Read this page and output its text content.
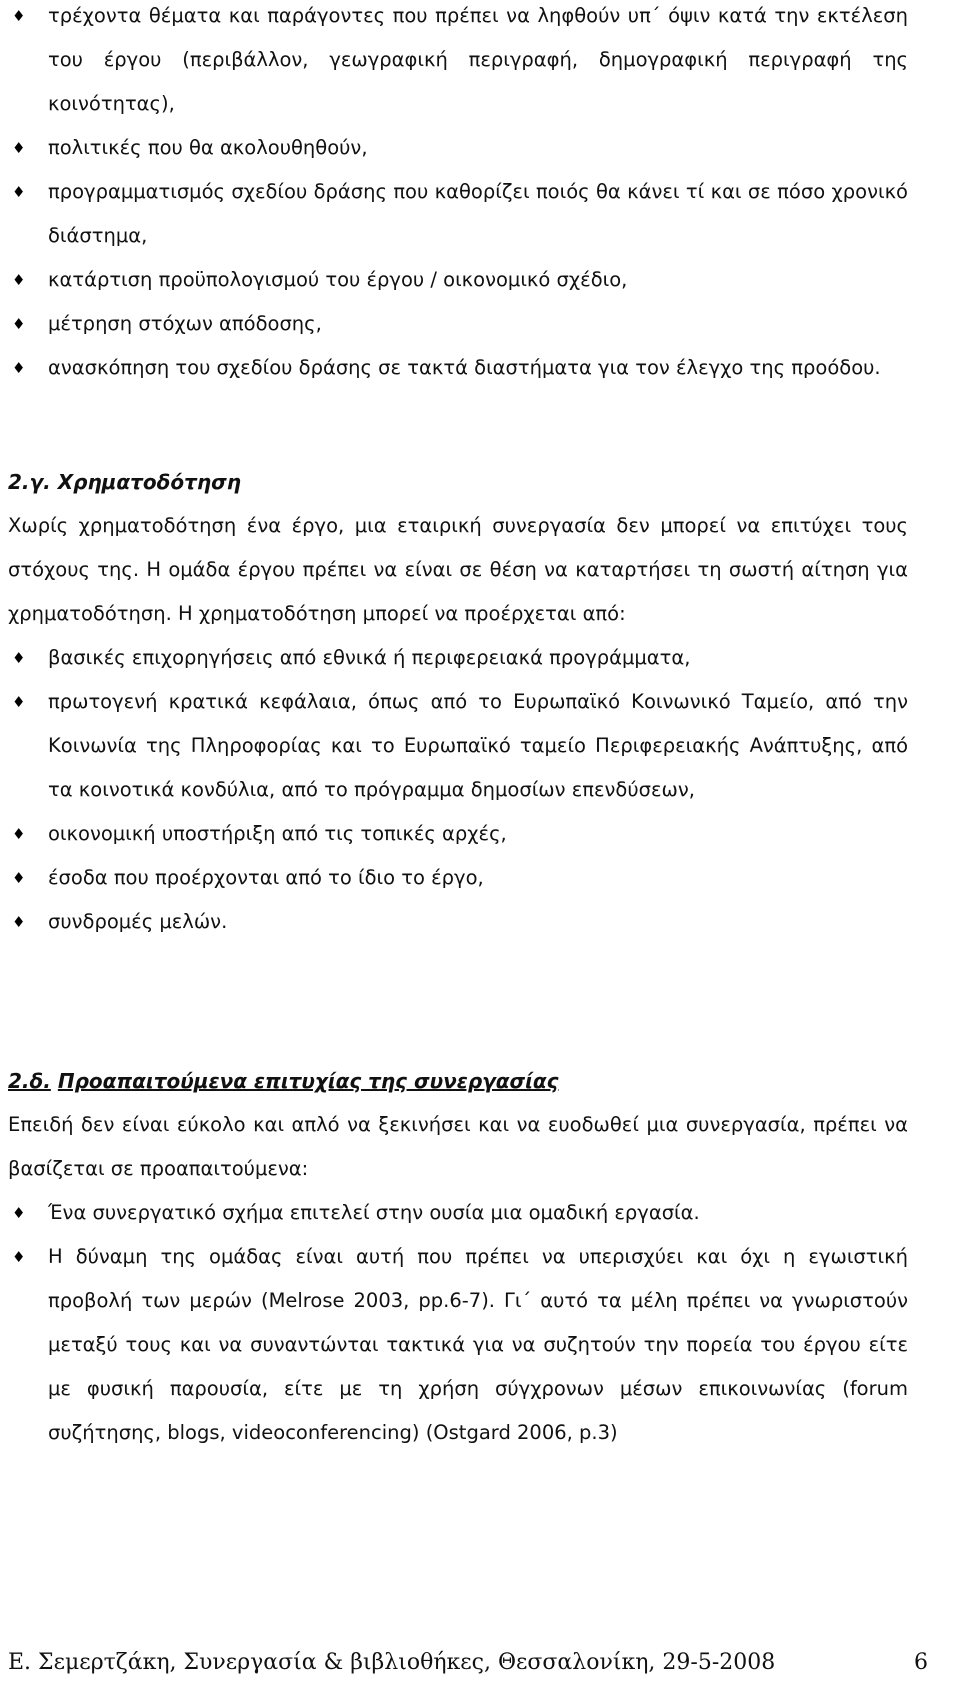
♦ τρέχοντα θέματα και παράγοντες που πρέπει να ληφθούν υπ΄ όψιν κατά την εκτέλεση του έργου (περιβάλλον, γεωγραφική περιγραφή, δημογραφική περιγραφή της κοινότητας),
♦ πολιτικές που θα ακολουθηθούν,
♦ προγραμματισμός σχεδίου δράσης που καθορίζει ποιός θα κάνει τί και σε πόσο χρονικό διάστημα,
♦ κατάρτιση προϋπολογισμού του έργου / οικονομικό σχέδιο,
♦ μέτρηση στόχων απόδοσης,
♦ ανασκόπηση του σχεδίου δράσης σε τακτά διαστήματα για τον έλεγχο της προόδου.
2.γ. Χρηματοδότηση

Χωρίς χρηματοδότηση ένα έργο, μια εταιρική συνεργασία δεν μπορεί να επιτύχει τους στόχους της. Η ομάδα έργου πρέπει να είναι σε θέση να καταρτήσει τη σωστή αίτηση για χρηματοδότηση. Η χρηματοδότηση μπορεί να προέρχεται από:

♦ βασικές επιχορηγήσεις από εθνικά ή περιφερειακά προγράμματα,
♦ πρωτογενή κρατικά κεφάλαια, όπως από το Ευρωπαϊκό Κοινωνικό Ταμείο, από την Κοινωνία της Πληροφορίας και το Ευρωπαϊκό ταμείο Περιφερειακής Ανάπτυξης, από τα κοινοτικά κονδύλια, από το πρόγραμμα δημοσίων επενδύσεων,
♦ οικονομική υποστήριξη από τις τοπικές αρχές,
♦ έσοδα που προέρχονται από το ίδιο το έργο,
♦ συνδρομές μελών.
2.δ. Προαπαιτούμενα επιτυχίας της συνεργασίας

Επειδή δεν είναι εύκολο και απλό να ξεκινήσει και να ευοδωθεί μια συνεργασία, πρέπει να βασίζεται σε προαπαιτούμενα:

♦ Ένα συνεργατικό σχήμα επιτελεί στην ουσία μια ομαδική εργασία.
♦ Η δύναμη της ομάδας είναι αυτή που πρέπει να υπερισχύει και όχι η εγωιστική προβολή των μερών (Melrose 2003, pp.6-7). Γι΄ αυτό τα μέλη πρέπει να γνωριστούν μεταξύ τους και να συναντώνται τακτικά για να συζητούν την πορεία του έργου είτε με φυσική παρουσία, είτε με τη χρήση σύγχρονων μέσων επικοινωνίας (forum συζήτησης, blogs, videoconferencing) (Ostgard 2006, p.3)
Ε. Σεμερτζάκη, Συνεργασία & βιβλιοθήκες, Θεσσαλονίκη, 29-5-2008	6
